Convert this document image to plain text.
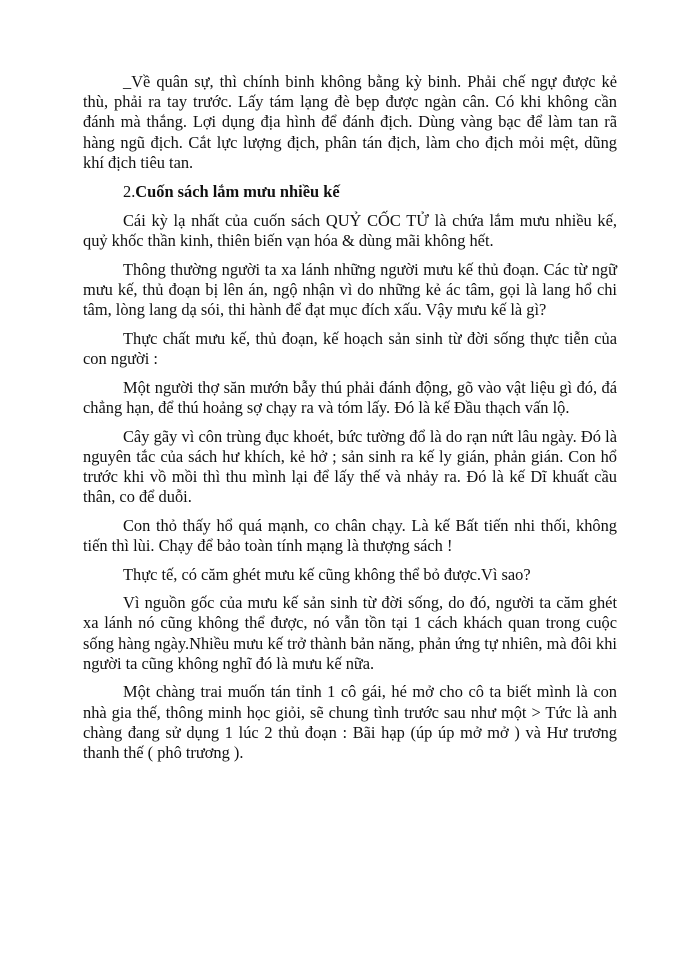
_Về quân sự, thì chính binh không bằng kỳ binh. Phải chế ngự được kẻ thù, phải ra tay trước. Lấy tám lạng đè bẹp được ngàn cân. Có khi không cần đánh mà thắng. Lợi dụng địa hình để đánh địch. Dùng vàng bạc để làm tan rã hàng ngũ địch. Cắt lực lượng địch, phân tán địch, làm cho địch mỏi mệt, dũng khí địch tiêu tan.

2.Cuốn sách lắm mưu nhiều kế

Cái kỳ lạ nhất của cuốn sách QUỶ CỐC TỬ là chứa lắm mưu nhiều kế, quỷ khốc thần kinh, thiên biến vạn hóa & dùng mãi không hết.

Thông thường người ta xa lánh những người mưu kế thủ đoạn. Các từ ngữ mưu kế, thủ đoạn bị lên án, ngộ nhận vì do những kẻ ác tâm, gọi là lang hổ chi tâm, lòng lang dạ sói, thi hành để đạt mục đích xấu. Vậy mưu kế là gì?

Thực chất mưu kế, thủ đoạn, kế hoạch sản sinh từ đời sống thực tiễn của con người :

Một người thợ săn mướn bẫy thú phải đánh động, gõ vào vật liệu gì đó, đá chẳng hạn, để thú hoảng sợ chạy ra và tóm lấy. Đó là kế Đầu thạch vấn lộ.

Cây gãy vì côn trùng đục khoét, bức tường đổ là do rạn nứt lâu ngày. Đó là nguyên tắc của sách hư khích, kẻ hở ; sản sinh ra kế ly gián, phản gián. Con hổ trước khi vồ mồi thì thu mình lại để lấy thế và nhảy ra. Đó là kế Dĩ khuất cầu thân, co để duỗi.

Con thỏ thấy hổ quá mạnh, co chân chạy. Là kế Bất tiến nhi thối, không tiến thì lùi. Chạy để bảo toàn tính mạng là thượng sách !

Thực tế, có căm ghét mưu kế cũng không thể bỏ được.Vì sao?

Vì nguồn gốc của mưu kế sản sinh từ đời sống, do đó, người ta căm ghét xa lánh nó cũng không thể được, nó vẫn tồn tại 1 cách khách quan trong cuộc sống hàng ngày.Nhiều mưu kế trở thành bản năng, phản ứng tự nhiên, mà đôi khi người ta cũng không nghĩ đó là mưu kế nữa.

Một chàng trai muốn tán tỉnh 1 cô gái, hé mở cho cô ta biết mình là con nhà gia thế, thông minh học giỏi, sẽ chung tình trước sau như một > Tức là anh chàng đang sử dụng 1 lúc 2 thủ đoạn : Bãi hạp (úp úp mở mở ) và Hư trương thanh thế ( phô trương ).
